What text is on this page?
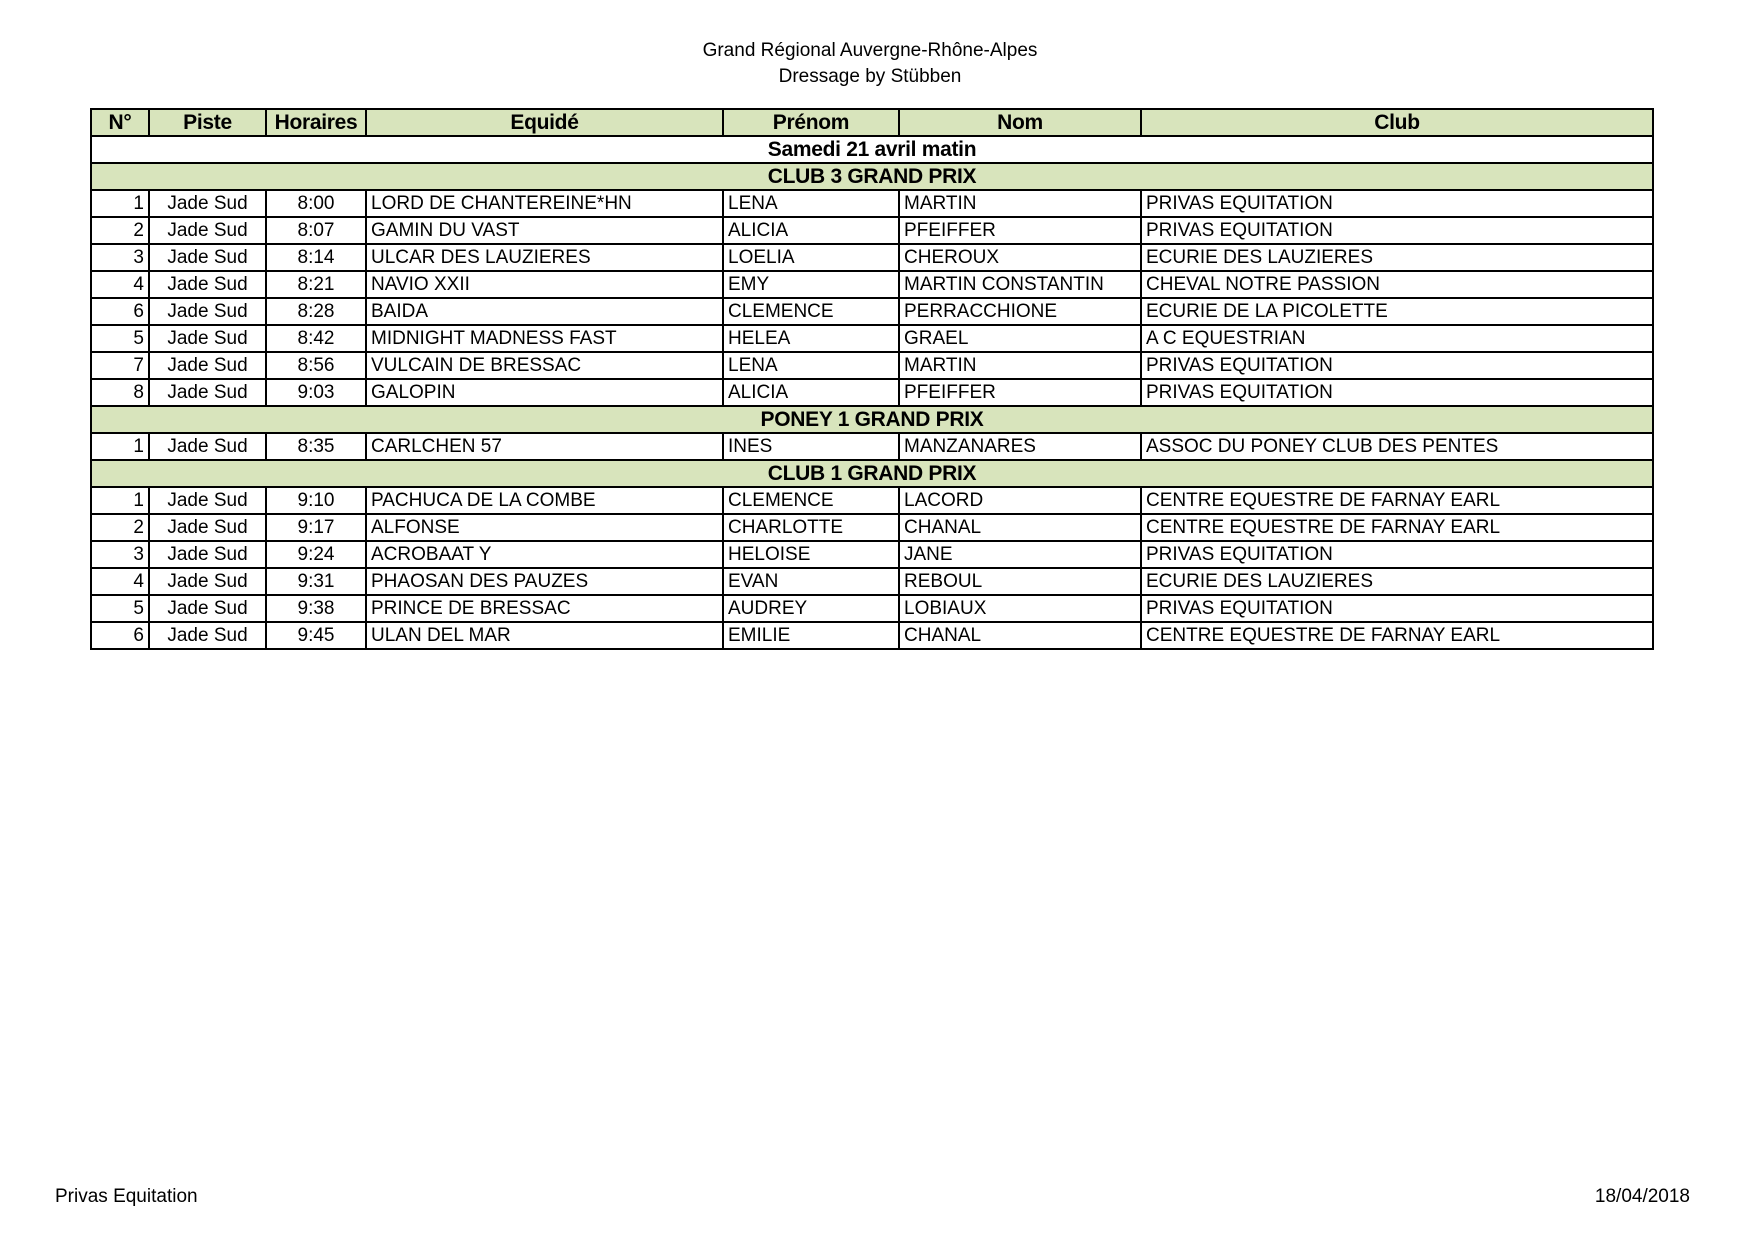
Grand Régional Auvergne-Rhône-Alpes
Dressage by Stübben
N°	Piste	Horaires	Equidé	Prénom	Nom	Club
Samedi 21 avril matin						
CLUB 3 GRAND PRIX						
1	Jade Sud	8:00	LORD DE CHANTEREINE*HN	LENA	MARTIN	PRIVAS EQUITATION
2	Jade Sud	8:07	GAMIN DU VAST	ALICIA	PFEIFFER	PRIVAS EQUITATION
3	Jade Sud	8:14	ULCAR DES LAUZIERES	LOELIA	CHEROUX	ECURIE DES LAUZIERES
4	Jade Sud	8:21	NAVIO XXII	EMY	MARTIN CONSTANTIN	CHEVAL NOTRE PASSION
6	Jade Sud	8:28	BAIDA	CLEMENCE	PERRACCHIONE	ECURIE DE LA PICOLETTE
5	Jade Sud	8:42	MIDNIGHT MADNESS FAST	HELEA	GRAEL	A C EQUESTRIAN
7	Jade Sud	8:56	VULCAIN DE BRESSAC	LENA	MARTIN	PRIVAS EQUITATION
8	Jade Sud	9:03	GALOPIN	ALICIA	PFEIFFER	PRIVAS EQUITATION
PONEY 1 GRAND PRIX						
1	Jade Sud	8:35	CARLCHEN 57	INES	MANZANARES	ASSOC DU PONEY CLUB DES PENTES
CLUB 1 GRAND PRIX						
1	Jade Sud	9:10	PACHUCA DE LA COMBE	CLEMENCE	LACORD	CENTRE EQUESTRE DE FARNAY EARL
2	Jade Sud	9:17	ALFONSE	CHARLOTTE	CHANAL	CENTRE EQUESTRE DE FARNAY EARL
3	Jade Sud	9:24	ACROBAAT Y	HELOISE	JANE	PRIVAS EQUITATION
4	Jade Sud	9:31	PHAOSAN DES PAUZES	EVAN	REBOUL	ECURIE DES LAUZIERES
5	Jade Sud	9:38	PRINCE DE BRESSAC	AUDREY	LOBIAUX	PRIVAS EQUITATION
6	Jade Sud	9:45	ULAN DEL MAR	EMILIE	CHANAL	CENTRE EQUESTRE DE FARNAY EARL
Privas Equitation	18/04/2018
